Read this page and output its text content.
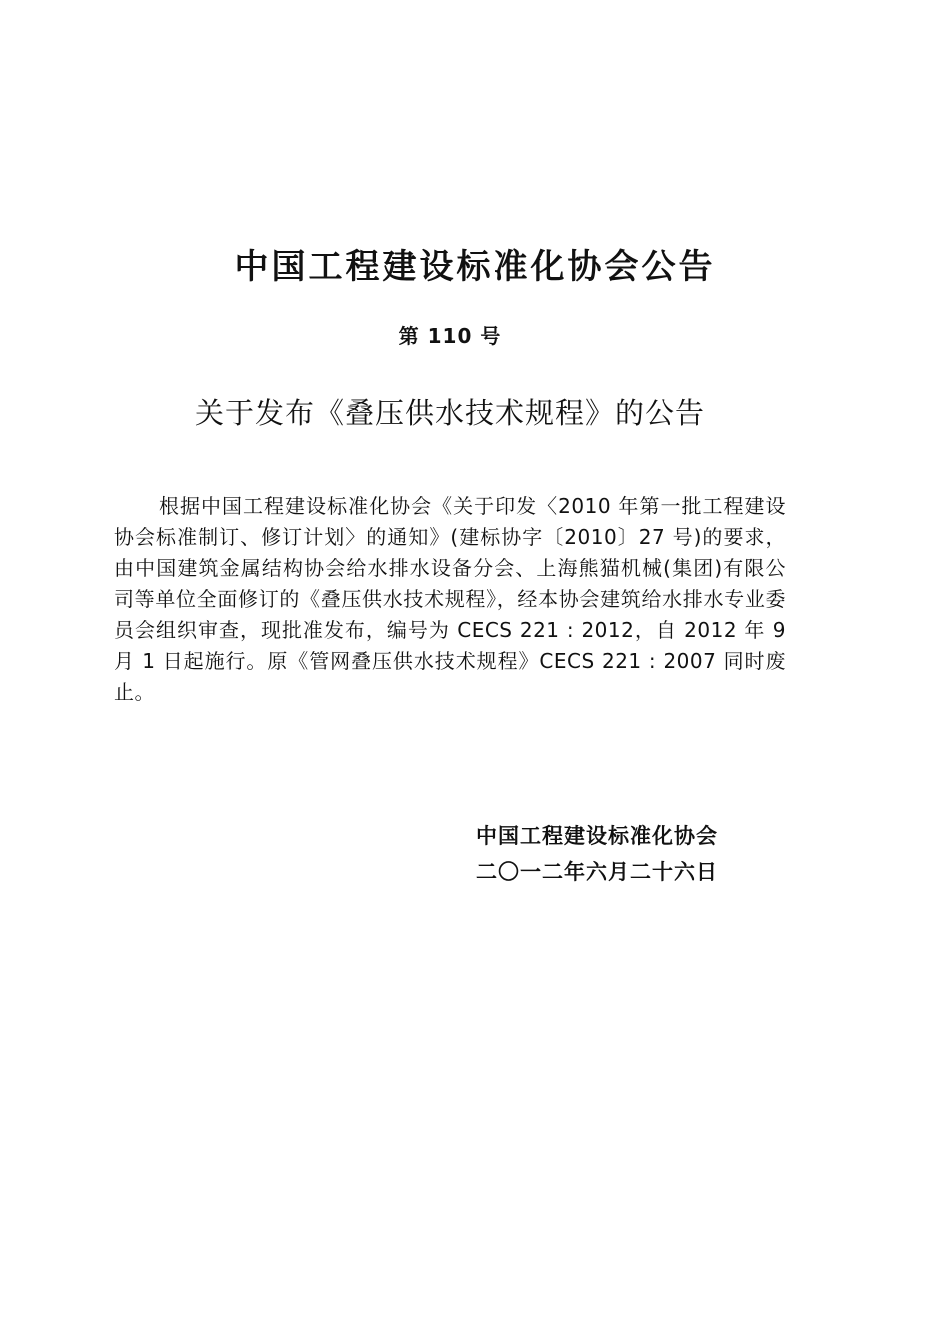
中国工程建设标准化协会公告
第 110 号
关于发布《叠压供水技术规程》的公告

根据中国工程建设标准化协会《关于印发〈2010 年第一批工程建设协会标准制订、修订计划〉的通知》(建标协字〔2010〕27 号)的要求，由中国建筑金属结构协会给水排水设备分会、上海熊猫机械(集团)有限公司等单位全面修订的《叠压供水技术规程》，经本协会建筑给水排水专业委员会组织审查，现批准发布，编号为 CECS 221 : 2012，自 2012 年 9 月 1 日起施行。原《管网叠压供水技术规程》CECS 221 : 2007 同时废止。

中国工程建设标准化协会
二〇一二年六月二十六日
